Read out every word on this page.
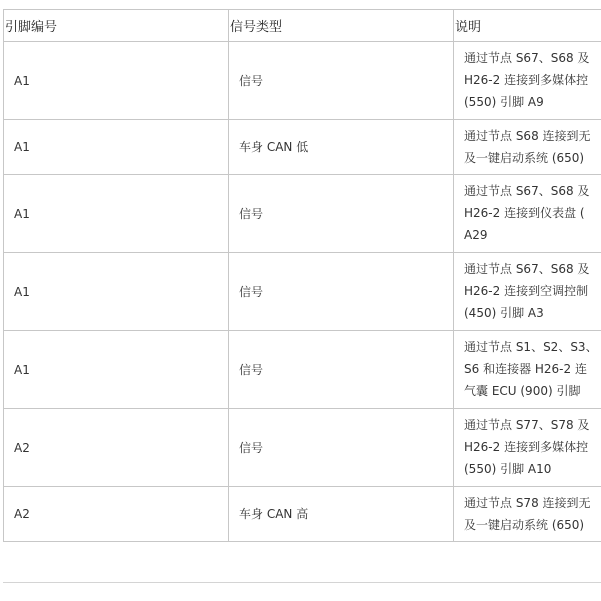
引脚编号	信号类型	说明
A1	信号	通过节点 S67、S68 及
H26-2 连接到多媒体控
(550) 引脚 A9
A1	车身 CAN 低	通过节点 S68 连接到无
及一键启动系统 (650)
A1	信号	通过节点 S67、S68 及
H26-2 连接到仪表盘 (
A29
A1	信号	通过节点 S67、S68 及
H26-2 连接到空调控制
(450) 引脚 A3
A1	信号	通过节点 S1、S2、S3、
S6 和连接器 H26-2 连
气囊 ECU (900) 引脚
A2	信号	通过节点 S77、S78 及
H26-2 连接到多媒体控
(550) 引脚 A10
A2	车身 CAN 高	通过节点 S78 连接到无
及一键启动系统 (650)
